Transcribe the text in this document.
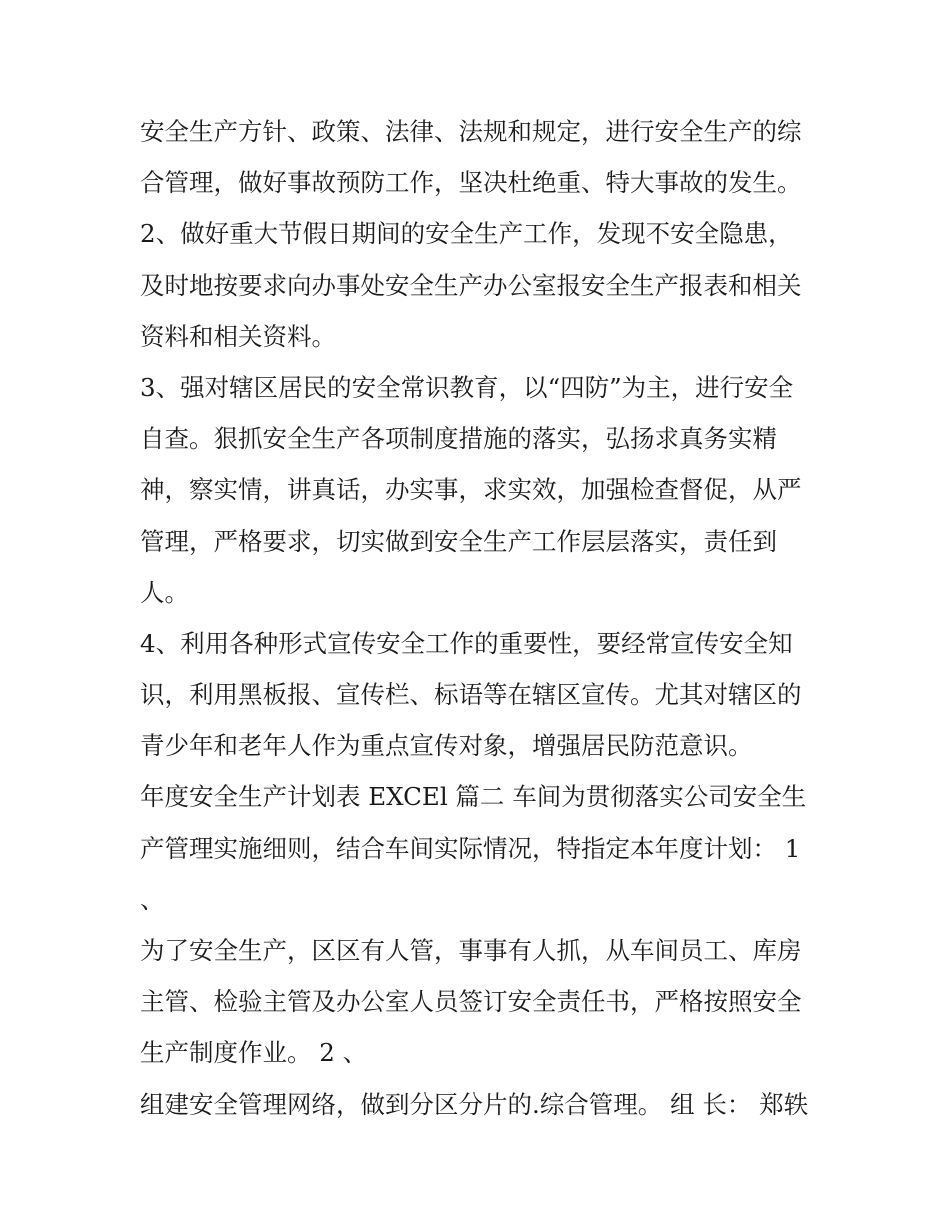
安全生产方针、政策、法律、法规和规定，进行安全生产的综
合管理，做好事故预防工作，坚决杜绝重、特大事故的发生。
2、做好重大节假日期间的安全生产工作，发现不安全隐患，
及时地按要求向办事处安全生产办公室报安全生产报表和相关
资料和相关资料。
3、强对辖区居民的安全常识教育，以“四防”为主，进行安全
自查。狠抓安全生产各项制度措施的落实，弘扬求真务实精
神，察实情，讲真话，办实事，求实效，加强检查督促，从严
管理，严格要求，切实做到安全生产工作层层落实，责任到
人。
4、利用各种形式宣传安全工作的重要性，要经常宣传安全知
识，利用黑板报、宣传栏、标语等在辖区宣传。尤其对辖区的
青少年和老年人作为重点宣传对象，增强居民防范意识。
年度安全生产计划表 EXCEl 篇二 车间为贯彻落实公司安全生
产管理实施细则，结合车间实际情况，特指定本年度计划： 1
、
为了安全生产，区区有人管，事事有人抓，从车间员工、库房
主管、检验主管及办公室人员签订安全责任书，严格按照安全
生产制度作业。 2 、
组建安全管理网络，做到分区分片的.综合管理。 组 长： 郑轶
